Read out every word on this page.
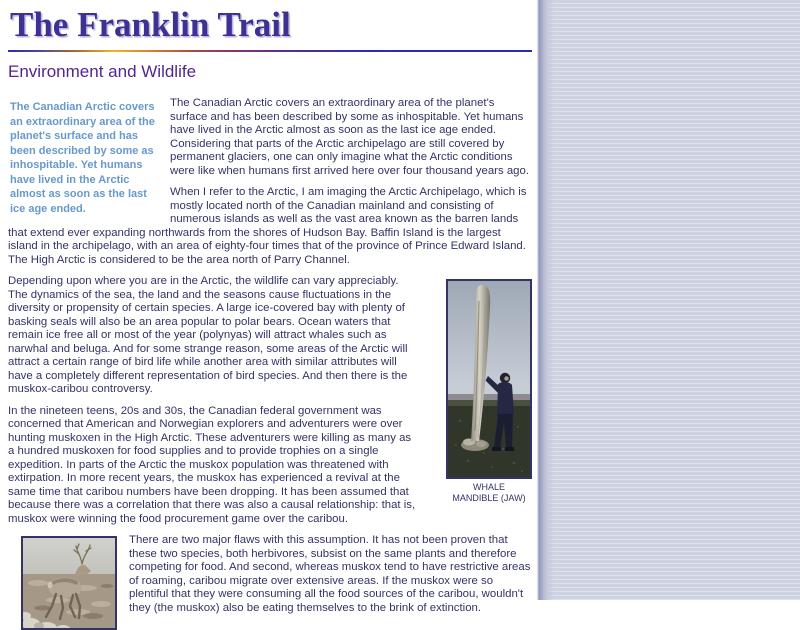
The Franklin Trail
Environment and Wildlife
The Canadian Arctic covers an extraordinary area of the planet's surface and has been described by some as inhospitable. Yet humans have lived in the Arctic almost as soon as the last ice age ended.

The Canadian Arctic covers an extraordinary area of the planet's surface and has been described by some as inhospitable. Yet humans have lived in the Arctic almost as soon as the last ice age ended. Considering that parts of the Arctic archipelago are still covered by permanent glaciers, one can only imagine what the Arctic conditions were like when humans first arrived here over four thousand years ago.

When I refer to the Arctic, I am imaging the Arctic Archipelago, which is mostly located north of the Canadian mainland and consisting of numerous islands as well as the vast area known as the barren lands that extend ever expanding northwards from the shores of Hudson Bay. Baffin Island is the largest island in the archipelago, with an area of eighty-four times that of the province of Prince Edward Island. The High Arctic is considered to be the area north of Parry Channel.

WHALE
MANDIBLE (JAW)

Depending upon where you are in the Arctic, the wildlife can vary appreciably. The dynamics of the sea, the land and the seasons cause fluctuations in the diversity or propensity of certain species. A large ice-covered bay with plenty of basking seals will also be an area popular to polar bears. Ocean waters that remain ice free all or most of the year (polynyas) will attract whales such as narwhal and beluga. And for some strange reason, some areas of the Arctic will attract a certain range of bird life while another area with similar attributes will have a completely different representation of bird species. And then there is the muskox-caribou controversy.

In the nineteen teens, 20s and 30s, the Canadian federal government was concerned that American and Norwegian explorers and adventurers were over hunting muskoxen in the High Arctic. These adventurers were killing as many as a hundred muskoxen for food supplies and to provide trophies on a single expedition. In parts of the Arctic the muskox population was threatened with extirpation. In more recent years, the muskox has experienced a revival at the same time that caribou numbers have been dropping. It has been assumed that because there was a correlation that there was also a causal relationship: that is, muskox were winning the food procurement game over the caribou.

There are two major flaws with this assumption. It has not been proven that these two species, both herbivores, subsist on the same plants and therefore competing for food. And second, whereas muskox tend to have restrictive areas of roaming, caribou migrate over extensive areas. If the muskox were so plentiful that they were consuming all the food sources of the caribou, wouldn't they (the muskox) also be eating themselves to the brink of extinction.
